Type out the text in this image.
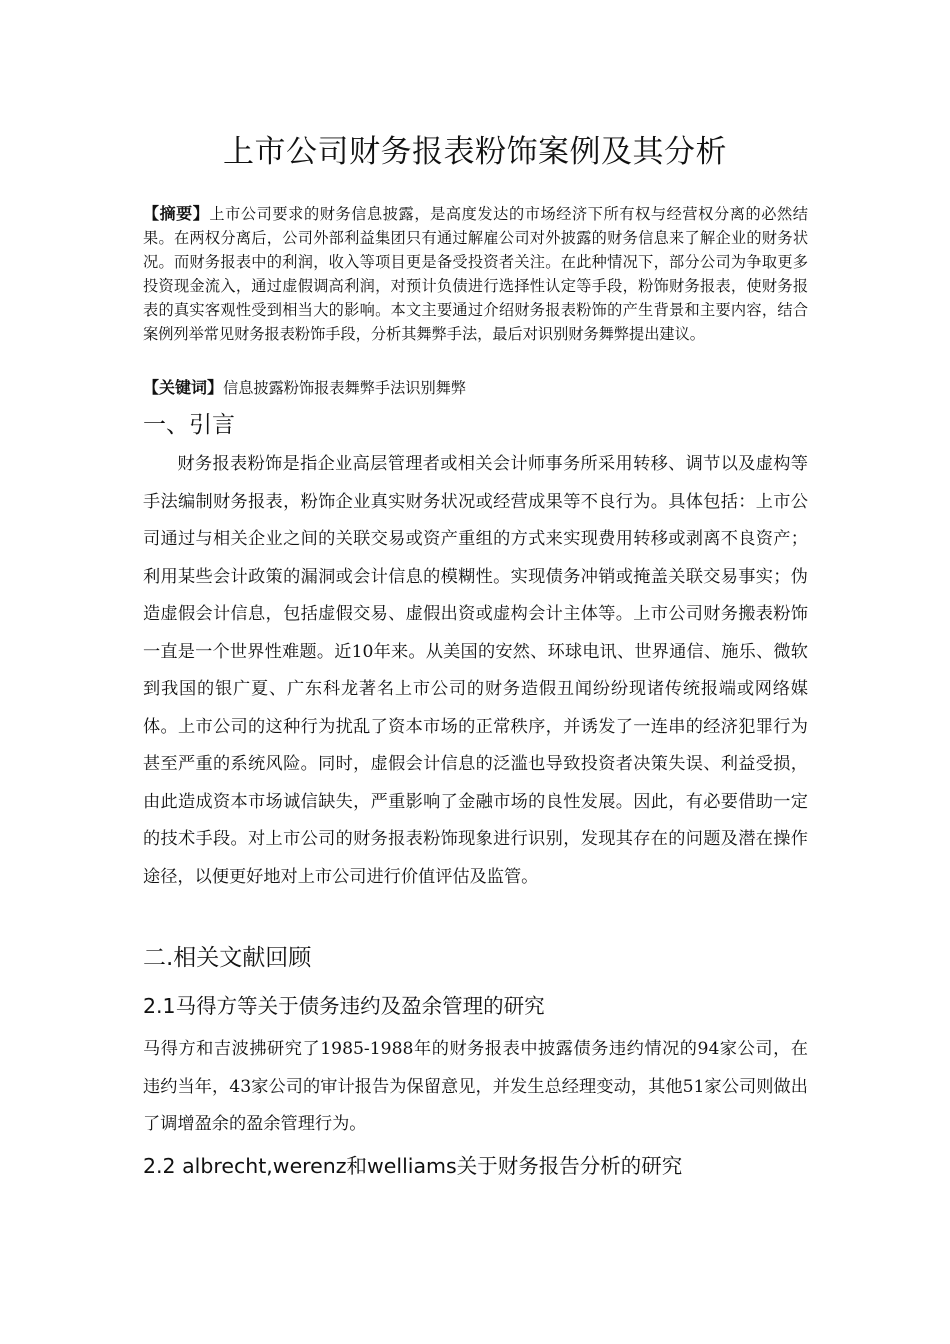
上市公司财务报表粉饰案例及其分析

【摘要】上市公司要求的财务信息披露，是高度发达的市场经济下所有权与经营权分离的必然结果。在两权分离后，公司外部利益集团只有通过解雇公司对外披露的财务信息来了解企业的财务状况。而财务报表中的利润，收入等项目更是备受投资者关注。在此种情况下，部分公司为争取更多投资现金流入，通过虚假调高利润，对预计负债进行选择性认定等手段，粉饰财务报表，使财务报表的真实客观性受到相当大的影响。本文主要通过介绍财务报表粉饰的产生背景和主要内容，结合案例列举常见财务报表粉饰手段，分析其舞弊手法，最后对识别财务舞弊提出建议。

【关键词】信息披露粉饰报表舞弊手法识别舞弊

一、引言

财务报表粉饰是指企业高层管理者或相关会计师事务所采用转移、调节以及虚构等手法编制财务报表，粉饰企业真实财务状况或经营成果等不良行为。具体包括：上市公司通过与相关企业之间的关联交易或资产重组的方式来实现费用转移或剥离不良资产；利用某些会计政策的漏洞或会计信息的模糊性。实现债务冲销或掩盖关联交易事实；伪造虚假会计信息，包括虚假交易、虚假出资或虚构会计主体等。上市公司财务搬表粉饰一直是一个世界性难题。近10年来。从美国的安然、环球电讯、世界通信、施乐、微软到我国的银广夏、广东科龙著名上市公司的财务造假丑闻纷纷现诸传统报端或网络媒体。上市公司的这种行为扰乱了资本市场的正常秩序，并诱发了一连串的经济犯罪行为甚至严重的系统风险。同时，虚假会计信息的泛滥也导致投资者决策失误、利益受损，由此造成资本市场诚信缺失，严重影响了金融市场的良性发展。因此，有必要借助一定的技术手段。对上市公司的财务报表粉饰现象进行识别，发现其存在的问题及潜在操作途径，以便更好地对上市公司进行价值评估及监管。

二.相关文献回顾
2.1马得方等关于债务违约及盈余管理的研究

马得方和吉波拂研究了1985-1988年的财务报表中披露债务违约情况的94家公司，在违约当年，43家公司的审计报告为保留意见，并发生总经理变动，其他51家公司则做出了调增盈余的盈余管理行为。

2.2 albrecht,werenz和welliams关于财务报告分析的研究
